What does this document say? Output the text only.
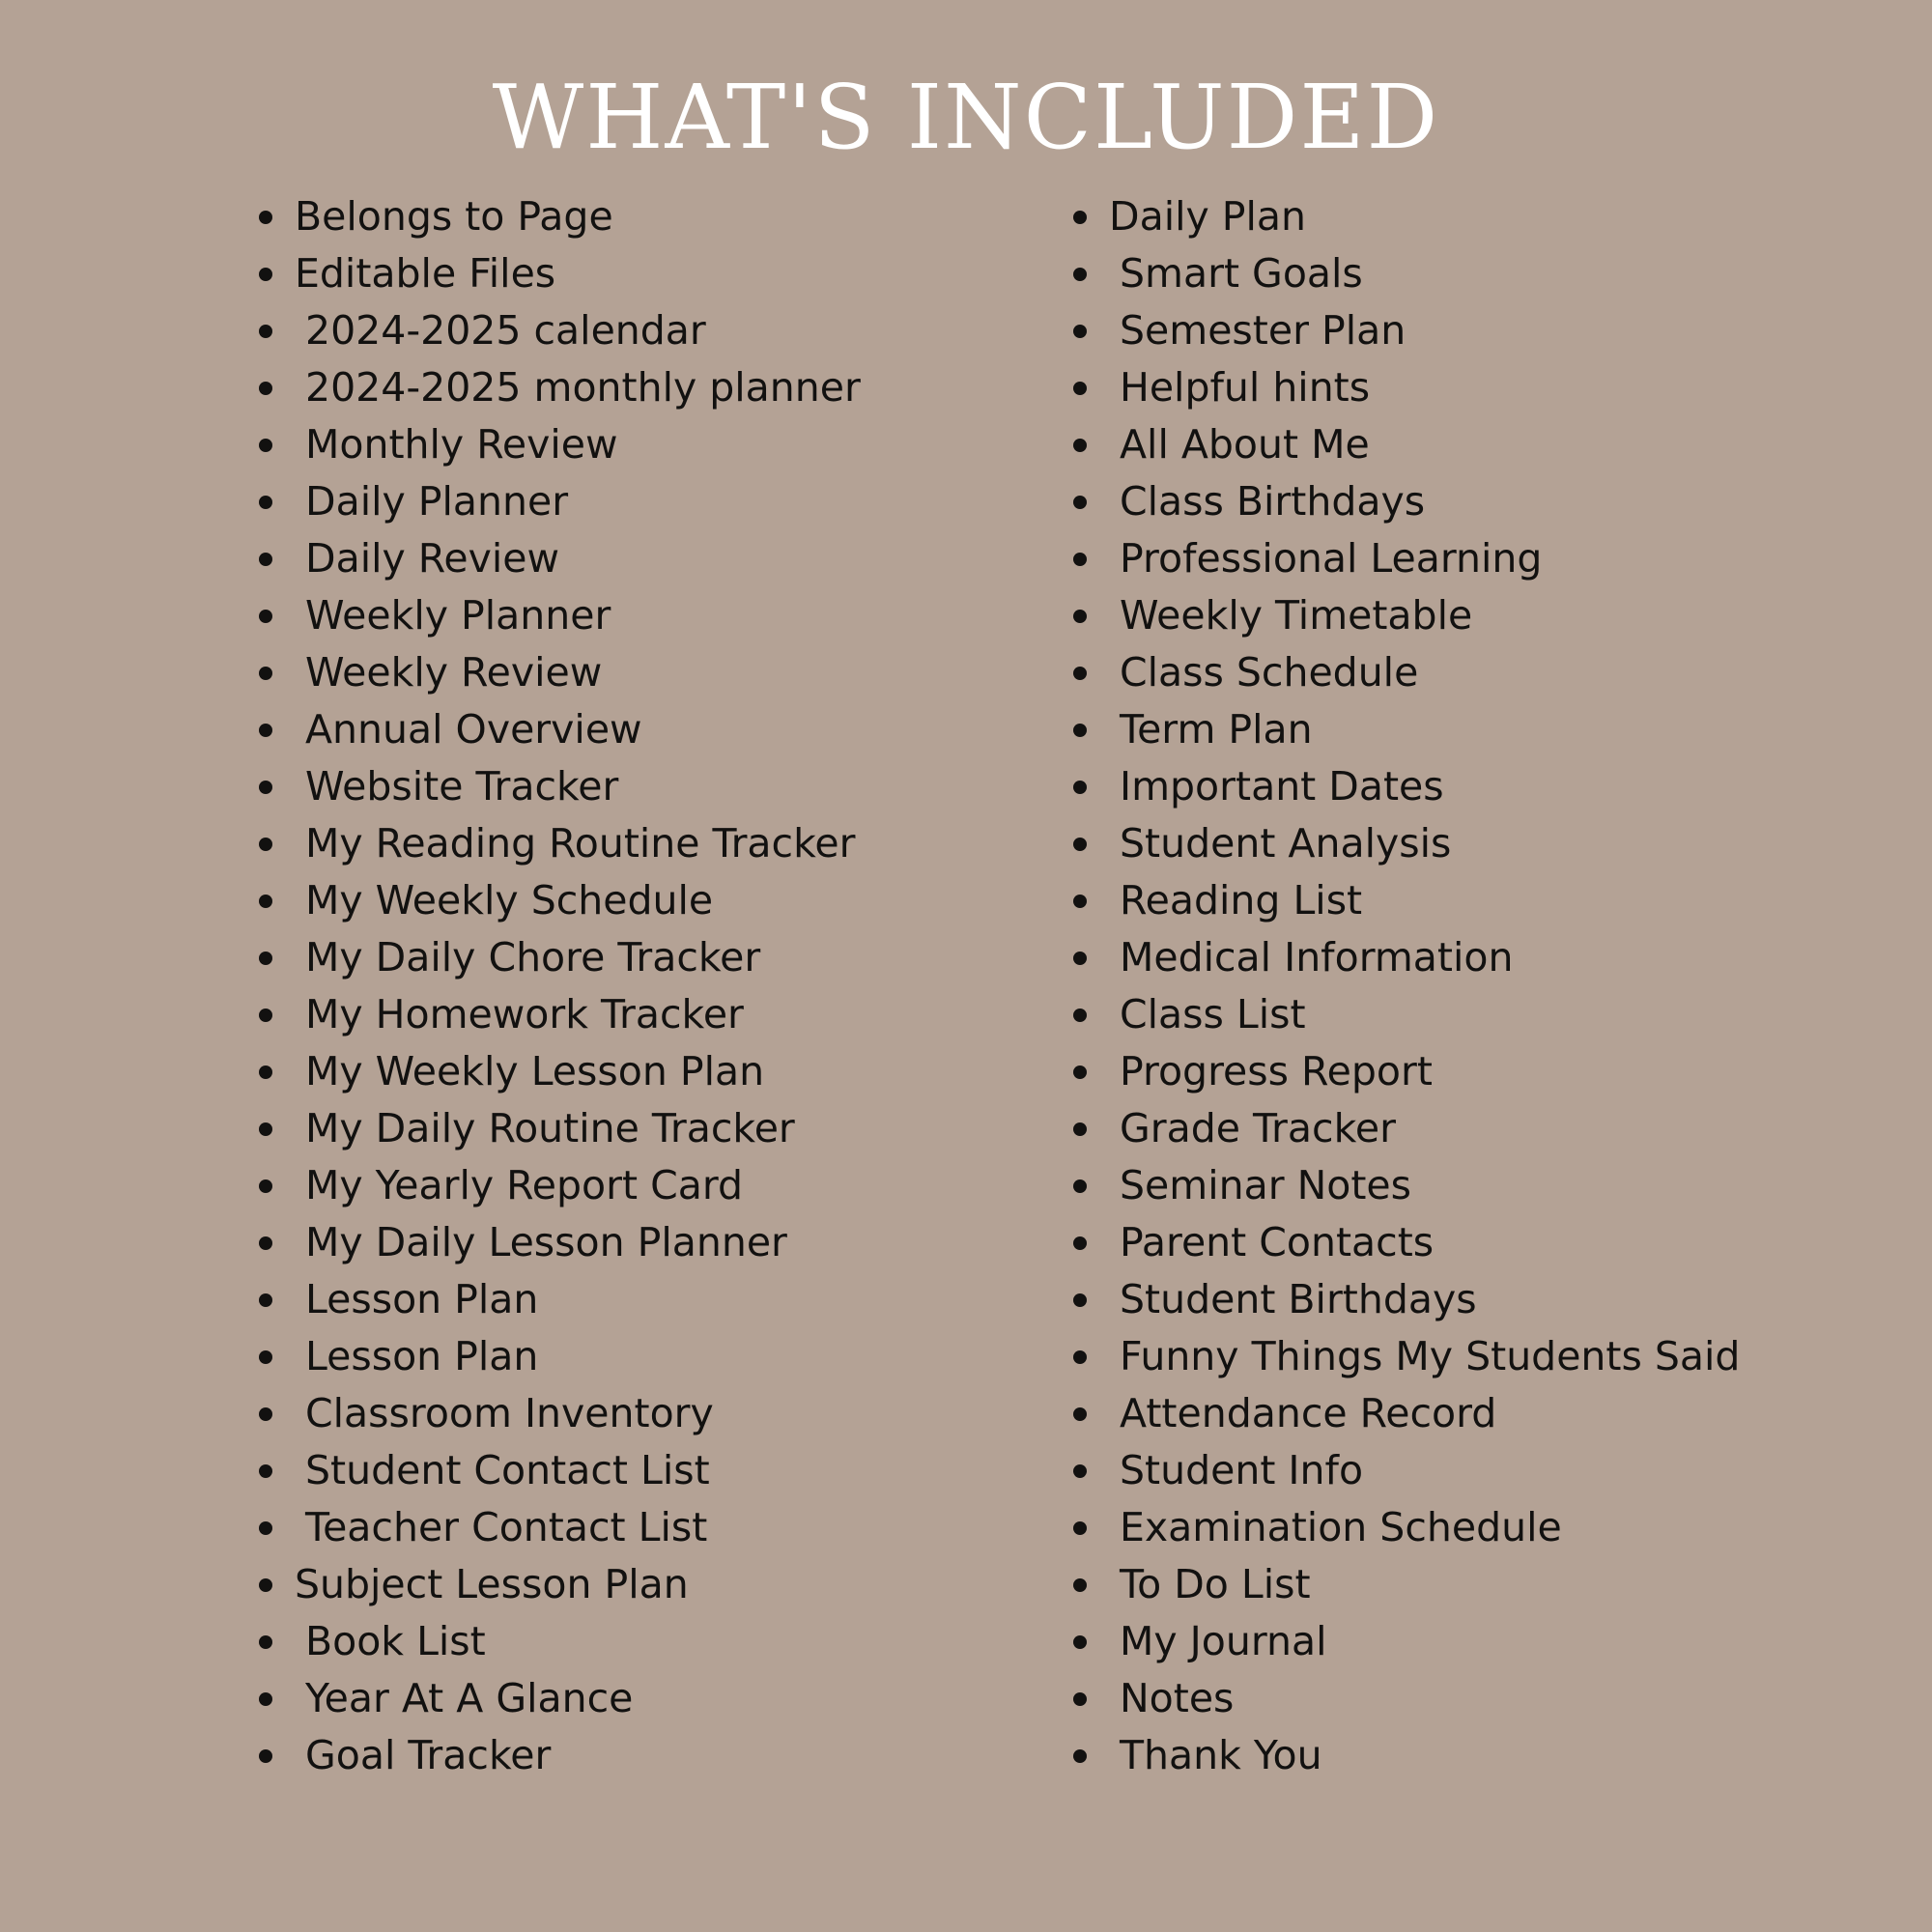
WHAT'S INCLUDED
Belongs to Page
Editable Files
2024-2025 calendar
2024-2025 monthly planner
Monthly Review
Daily Planner
Daily Review
Weekly Planner
Weekly Review
Annual Overview
Website Tracker
My Reading Routine Tracker
My Weekly Schedule
My Daily Chore Tracker
My Homework Tracker
My Weekly Lesson Plan
My Daily Routine Tracker
My Yearly Report Card
My Daily Lesson Planner
Lesson Plan
Lesson Plan
Classroom Inventory
Student Contact List
Teacher Contact List
Subject Lesson Plan
Book List
Year At A Glance
Goal Tracker
Daily Plan
Smart Goals
Semester Plan
Helpful hints
All About Me
Class Birthdays
Professional Learning
Weekly Timetable
Class Schedule
Term Plan
Important Dates
Student Analysis
Reading List
Medical Information
Class List
Progress Report
Grade Tracker
Seminar Notes
Parent Contacts
Student Birthdays
Funny Things My Students Said
Attendance Record
Student Info
Examination Schedule
To Do List
My Journal
Notes
Thank You
